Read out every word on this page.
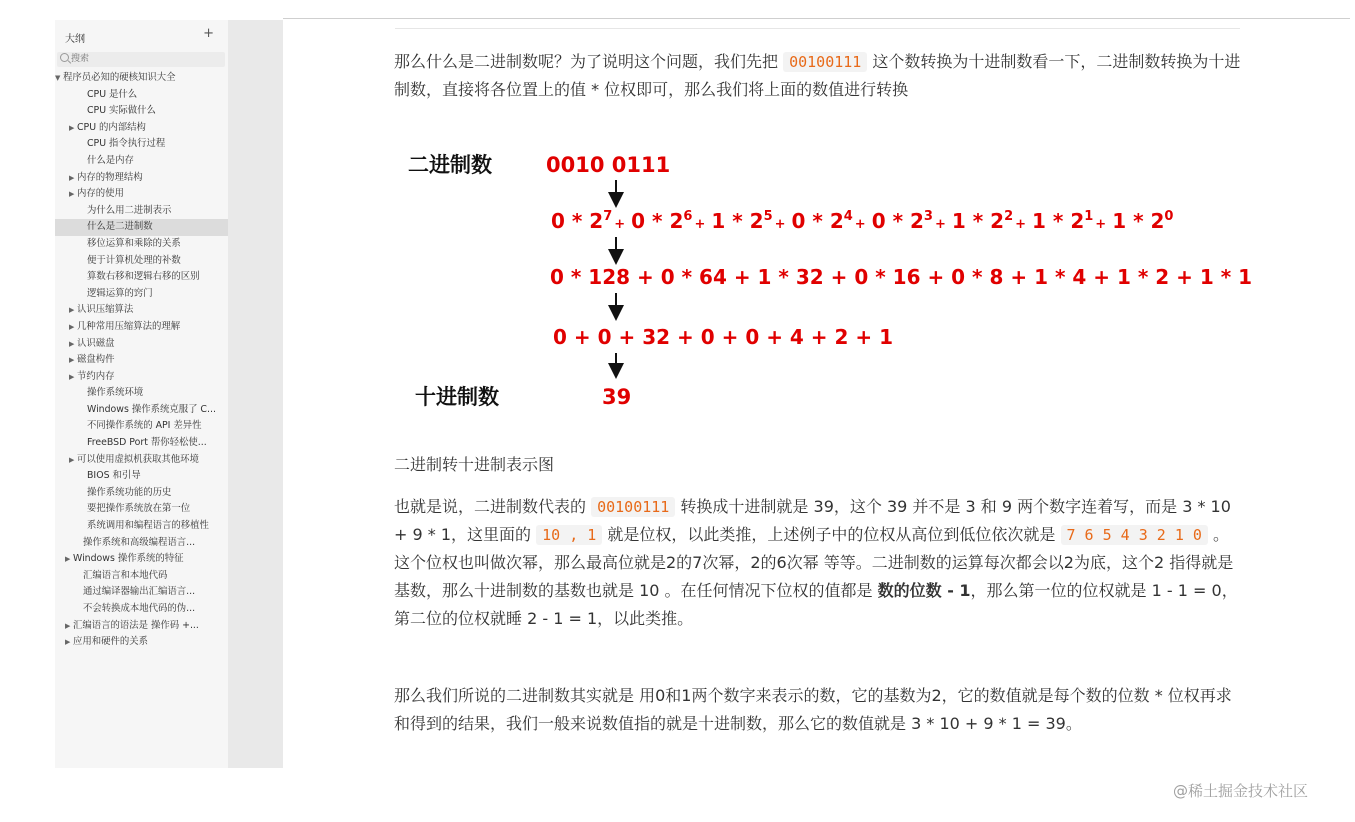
大纲	+
搜索
▼ 程序员必知的硬核知识大全
CPU 是什么
CPU 实际做什么
▶ CPU 的内部结构
CPU 指令执行过程
什么是内存
▶ 内存的物理结构
▶ 内存的使用
为什么用二进制表示
什么是二进制数
移位运算和乘除的关系
便于计算机处理的补数
算数右移和逻辑右移的区别
逻辑运算的窍门
▶ 认识压缩算法
▶ 几种常用压缩算法的理解
▶ 认识磁盘
▶ 磁盘构件
▶ 节约内存
操作系统环境
Windows 操作系统克服了 C...
不同操作系统的 API 差异性
FreeBSD Port 帮你轻松使...
▶ 可以使用虚拟机获取其他环境
BIOS 和引导
操作系统功能的历史
要把操作系统放在第一位
系统调用和编程语言的移植性
操作系统和高级编程语言...
▶ Windows 操作系统的特征
汇编语言和本地代码
通过编译器输出汇编语言...
不会转换成本地代码的伪...
▶ 汇编语言的语法是 操作码 +...
▶ 应用和硬件的关系
那么什么是二进制数呢？为了说明这个问题，我们先把 00100111 这个数转换为十进制数看一下，二进制数转换为十进制数，直接将各位置上的值 * 位权即可，那么我们将上面的数值进行转换
二进制数	0010 0111
$0 * 2^7_+$ $0 * 2^6_+$ $1 * 2^5_+$ $0 * 2^4_+$ $0 * 2^3_+$ $1 * 2^2_+$ $1 * 2^1_+$ $1 * 2^0$
0 * 128 + 0 * 64 + 1 * 32 + 0 * 16 + 0 * 8 + 1 * 4 + 1 * 2 + 1 * 1
0 + 0 + 32 + 0 + 0 + 4 + 2 + 1
十进制数	39
二进制转十进制表示图
也就是说，二进制数代表的 00100111 转换成十进制就是 39，这个 39 并不是 3 和 9 两个数字连着写，而是 3 * 10 + 9 * 1，这里面的 10 , 1 就是位权，以此类推，上述例子中的位权从高位到低位依次就是 7 6 5 4 3 2 1 0 。这个位权也叫做次幂，那么最高位就是2的7次幂，2的6次幂 等等。二进制数的运算每次都会以2为底，这个2 指得就是基数，那么十进制数的基数也就是 10 。在任何情况下位权的值都是 数的位数 - 1，那么第一位的位权就是 1 - 1 = 0， 第二位的位权就睡 2 - 1 = 1，以此类推。
那么我们所说的二进制数其实就是 用0和1两个数字来表示的数，它的基数为2，它的数值就是每个数的位数 * 位权再求和得到的结果，我们一般来说数值指的就是十进制数，那么它的数值就是 3 * 10 + 9 * 1 = 39。
@稀土掘金技术社区
